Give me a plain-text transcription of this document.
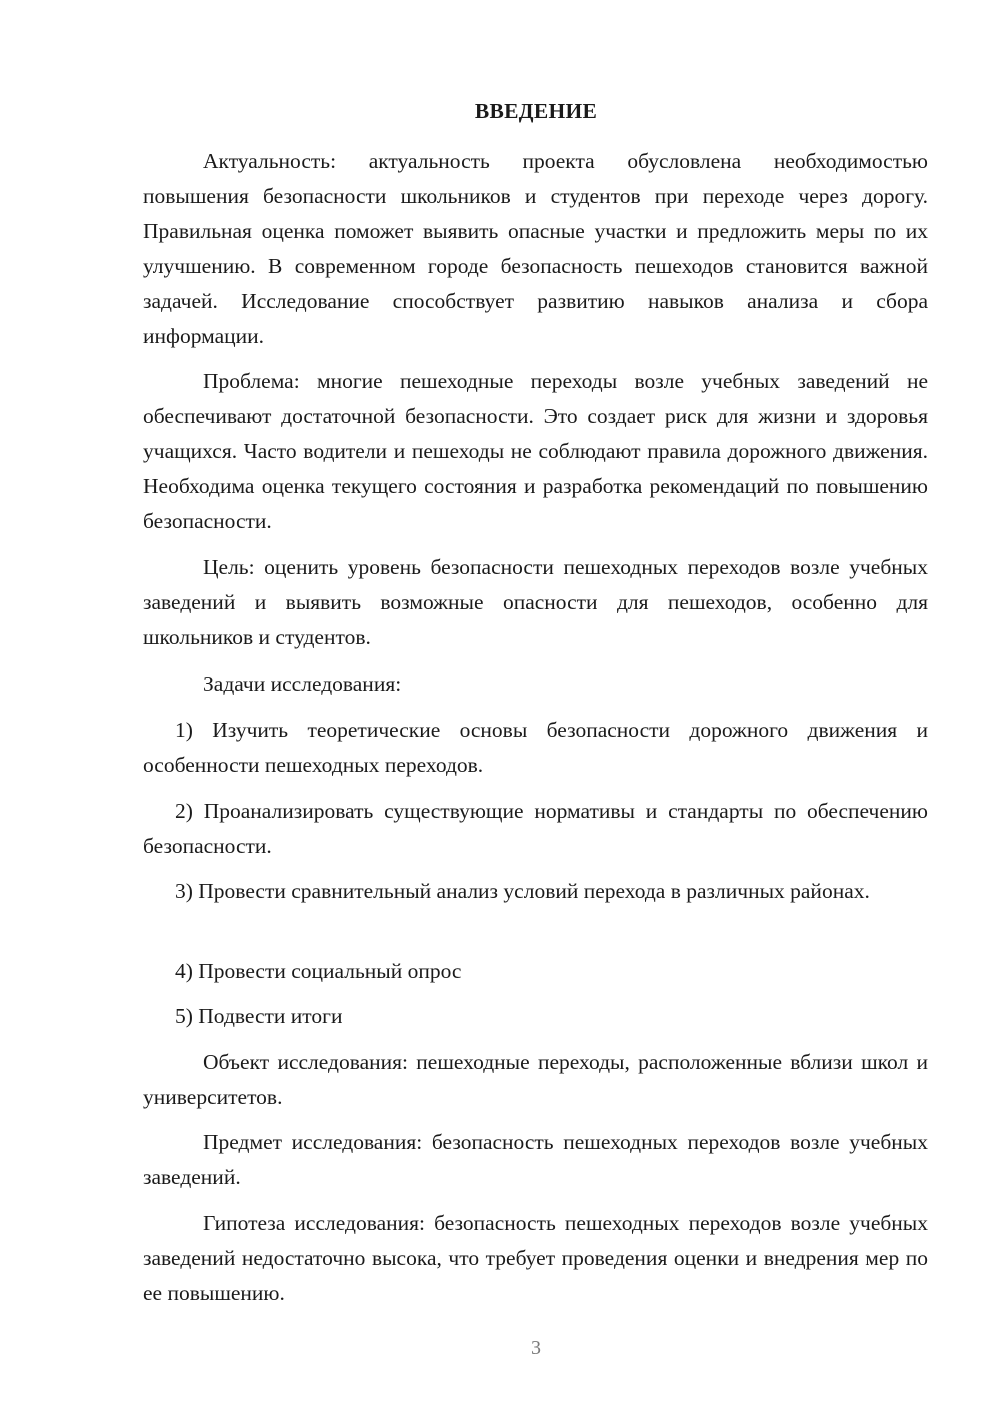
ВВЕДЕНИЕ

Актуальность: актуальность проекта обусловлена необходимостью повышения безопасности школьников и студентов при переходе через дорогу. Правильная оценка поможет выявить опасные участки и предложить меры по их улучшению. В современном городе безопасность пешеходов становится важной задачей. Исследование способствует развитию навыков анализа и сбора информации.

Проблема: многие пешеходные переходы возле учебных заведений не обеспечивают достаточной безопасности. Это создает риск для жизни и здоровья учащихся. Часто водители и пешеходы не соблюдают правила дорожного движения. Необходима оценка текущего состояния и разработка рекомендаций по повышению безопасности.

Цель: оценить уровень безопасности пешеходных переходов возле учебных заведений и выявить возможные опасности для пешеходов, особенно для школьников и студентов.

Задачи исследования:

1) Изучить теоретические основы безопасности дорожного движения и особенности пешеходных переходов.

2) Проанализировать существующие нормативы и стандарты по обеспечению безопасности.

3) Провести сравнительный анализ условий перехода в различных районах.

4) Провести социальный опрос

5) Подвести итоги

Объект исследования: пешеходные переходы, расположенные вблизи школ и университетов.

Предмет исследования: безопасность пешеходных переходов возле учебных заведений.

Гипотеза исследования: безопасность пешеходных переходов возле учебных заведений недостаточно высока, что требует проведения оценки и внедрения мер по ее повышению.

3
